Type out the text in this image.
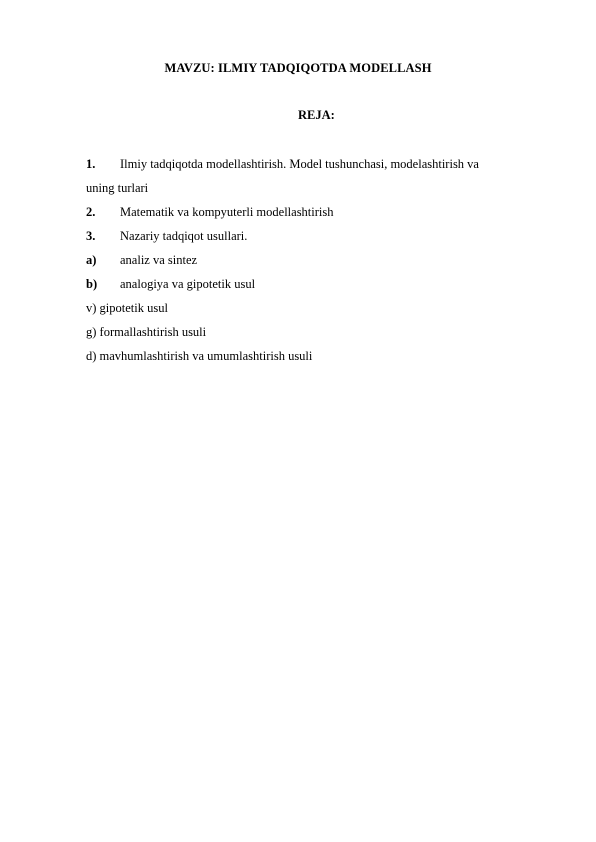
MAVZU: ILMIY TADQIQOTDA MODELLASH
REJA:
1.	Ilmiy tadqiqotda modellashtirish. Model tushunchasi, modelashtirish va
uning turlari
2.	Matematik va kompyuterli modellashtirish
3.	Nazariy tadqiqot usullari.
a)	analiz va sintez
b)	analogiya va gipotetik usul
v) gipotetik usul
g) formallashtirish usuli
d) mavhumlashtirish va umumlashtirish usuli
